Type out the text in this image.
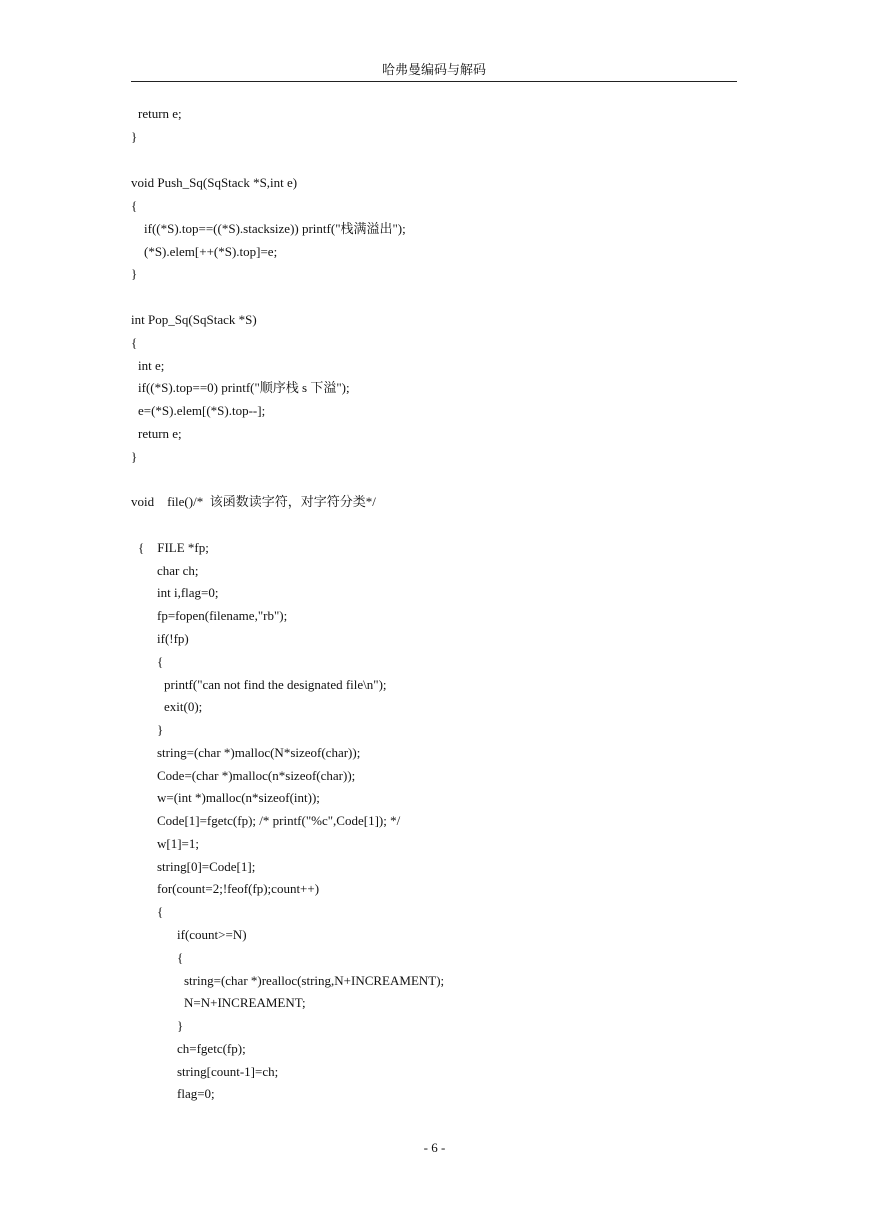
哈弗曼编码与解码
return e;
}
void Push_Sq(SqStack *S,int e)
{
if((*S).top==((*S).stacksize)) printf("栈满溢出");
(*S).elem[++(*S).top]=e;
}
int Pop_Sq(SqStack *S)
{
int e;
if((*S).top==0) printf("顺序栈 s 下溢");
e=(*S).elem[(*S).top--];
return e;
}
void    file()/*  该函数读字符，对字符分类*/
{    FILE *fp;
char ch;
int i,flag=0;
fp=fopen(filename,"rb");
if(!fp)
{
printf("can not find the designated file\n");
exit(0);
}
string=(char *)malloc(N*sizeof(char));
Code=(char *)malloc(n*sizeof(char));
w=(int *)malloc(n*sizeof(int));
Code[1]=fgetc(fp); /* printf("%c",Code[1]); */
w[1]=1;
string[0]=Code[1];
for(count=2;!feof(fp);count++)
{
if(count>=N)
{
string=(char *)realloc(string,N+INCREAMENT);
N=N+INCREAMENT;
}
ch=fgetc(fp);
string[count-1]=ch;
flag=0;
- 6 -
